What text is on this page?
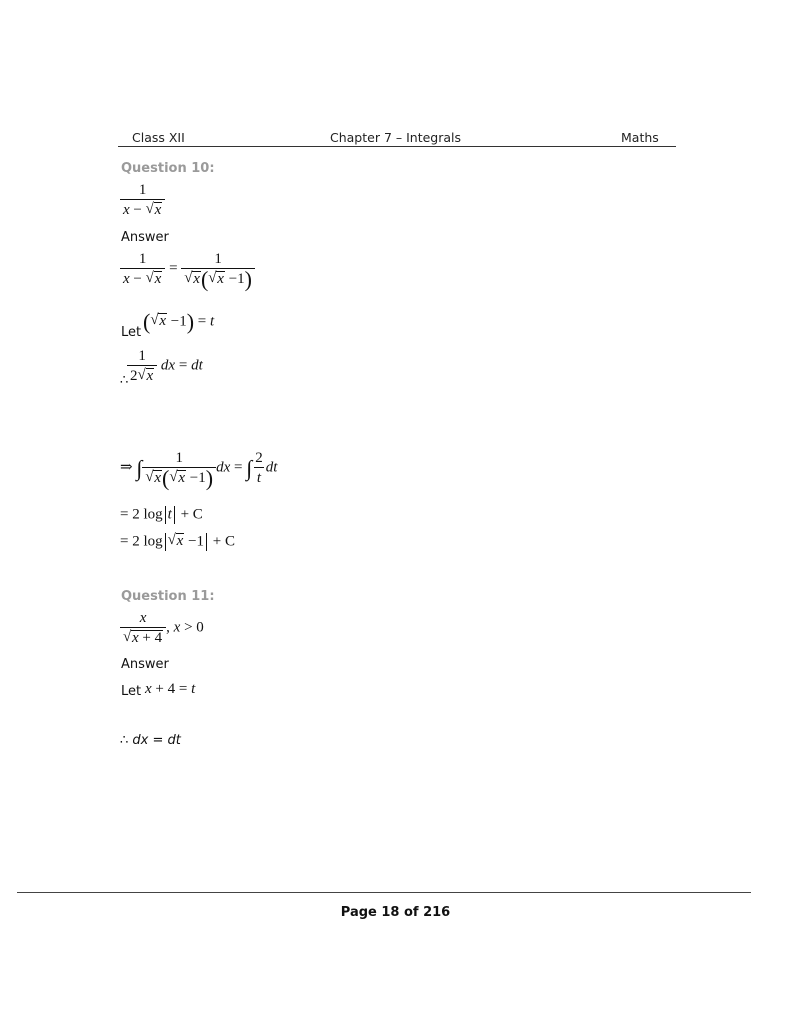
Class XII	Chapter 7 – Integrals	Maths
Question 10:
$\frac{1}{x - √ x}$
Answer
$\frac{1}{x - √ x} = 1$
√ x( √ x −1)
Let ( √ x −1) = t
∴
$\frac{1}{2 √ x}$ dx = dt
⇒ ∫ 1
√ x( √ x −1) dx = ∫ $\frac{2}{t}$ dt
= 2 log t + C
= 2 log √ x −1 + C
Question 11:
x
√ x + 4 , x > 0
Answer
Let x + 4 = t
∴ dx = dt
Page 18 of 216
